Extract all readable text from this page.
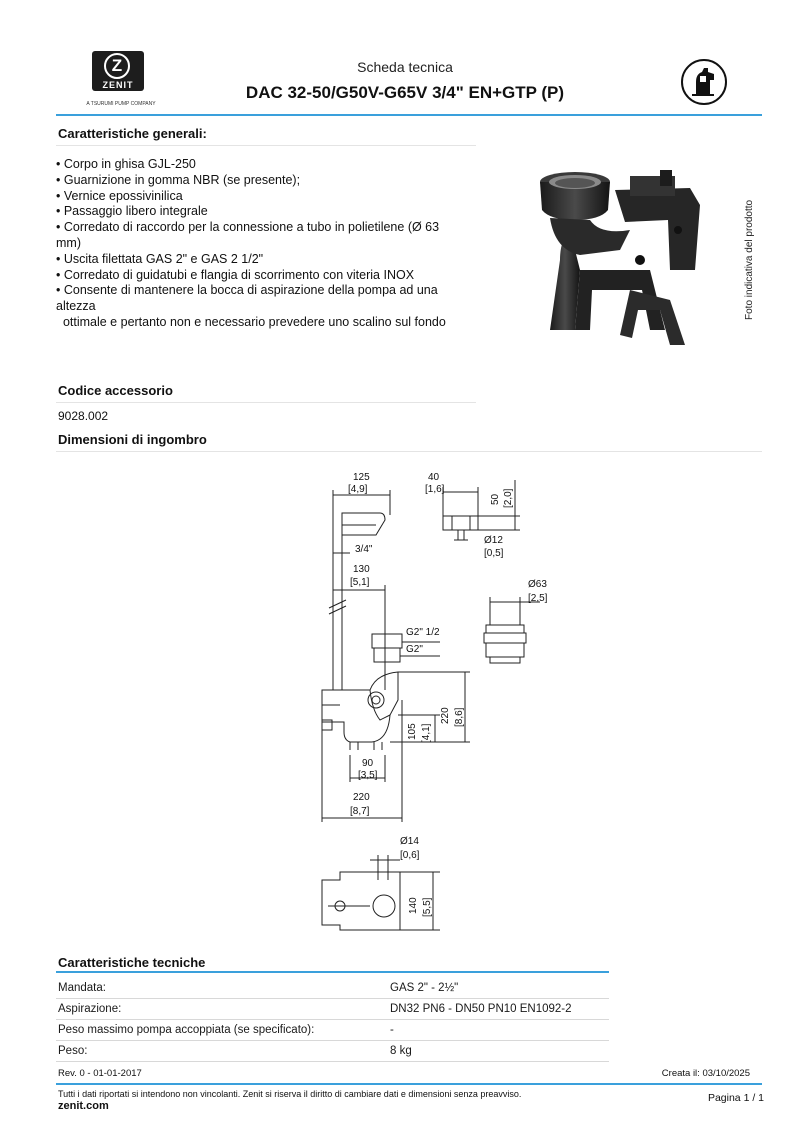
Z
ZENIT
A TSURUMI PUMP COMPANY
Scheda tecnica
DAC 32-50/G50V-G65V 3/4" EN+GTP (P)
Caratteristiche generali:
• Corpo in ghisa GJL-250
• Guarnizione in gomma NBR (se presente);
• Vernice epossivinilica
• Passaggio libero integrale
• Corredato di raccordo per la connessione a tubo in polietilene (Ø 63
mm)
• Uscita filettata GAS 2" e GAS 2 1/2"
• Corredato di guidatubi e flangia di scorrimento con viteria INOX
• Consente di mantenere la bocca di aspirazione della pompa ad una
altezza
ottimale e pertanto non e necessario prevedere uno scalino sul fondo
Foto indicativa del prodotto
Codice accessorio
9028.002
Dimensioni di ingombro
125
[4,9]
40
[1,6]
50 [2,0]
3/4"
130
[5,1]
Ø12
[0,5]
Ø63
[2,5]
G2" 1/2
G2"
220 [8,6]
105 [4,1]
90
[3,5]
220
[8,7]
Ø14
[0,6]
140 [5,5]
Caratteristiche tecniche
Mandata:	GAS 2" - 2½"
Aspirazione:	DN32 PN6 - DN50 PN10 EN1092-2
Peso massimo pompa accoppiata (se specificato):	-
Peso:	8 kg
Rev. 0 - 01-01-2017	Creata il: 03/10/2025
Tutti i dati riportati si intendono non vincolanti. Zenit si riserva il diritto di cambiare dati e dimensioni senza preavviso.
zenit.com
Pagina 1 / 1
